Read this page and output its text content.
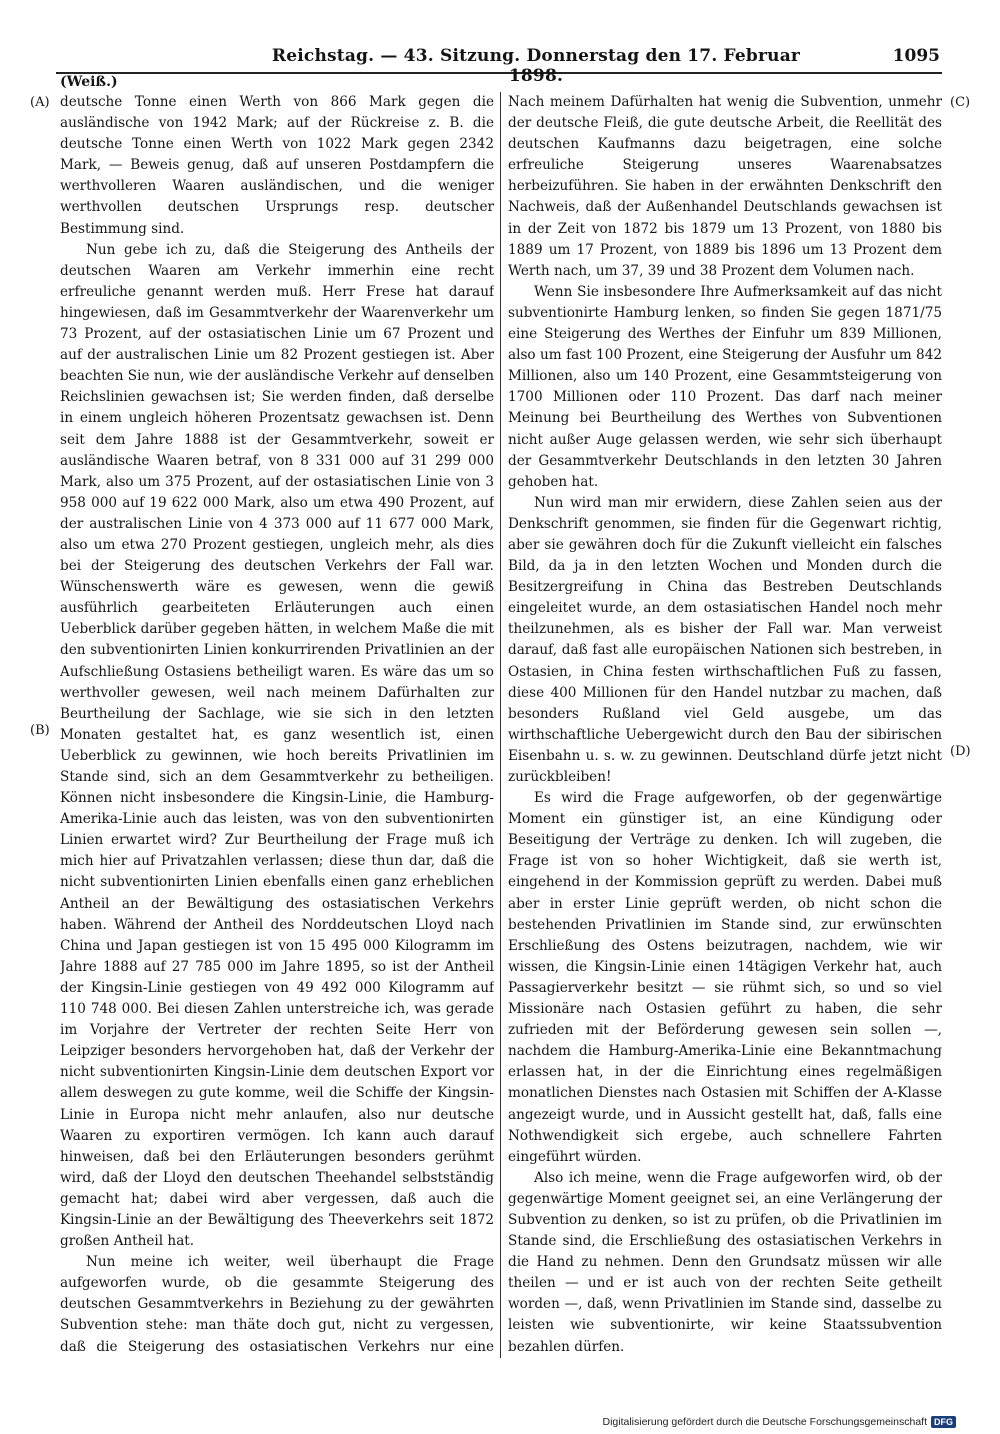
Reichstag. — 43. Sitzung. Donnerstag den 17. Februar 1898.
1095
(Weiß.)
(A)
(B)
(C)
(D)

deutsche Tonne einen Werth von 866 Mark gegen die ausländische von 1942 Mark; auf der Rückreise z. B. die deutsche Tonne einen Werth von 1022 Mark gegen 2342 Mark, — Beweis genug, daß auf unseren Postdampfern die werthvolleren Waaren ausländischen, und die weniger werthvollen deutschen Ursprungs resp. deutscher Bestimmung sind.

Nun gebe ich zu, daß die Steigerung des Antheils der deutschen Waaren am Verkehr immerhin eine recht erfreuliche genannt werden muß. Herr Frese hat darauf hingewiesen, daß im Gesammtverkehr der Waarenverkehr um 73 Prozent, auf der ostasiatischen Linie um 67 Prozent und auf der australischen Linie um 82 Prozent gestiegen ist. Aber beachten Sie nun, wie der ausländische Verkehr auf denselben Reichslinien gewachsen ist; Sie werden finden, daß derselbe in einem ungleich höheren Prozentsatz gewachsen ist. Denn seit dem Jahre 1888 ist der Gesammtverkehr, soweit er ausländische Waaren betraf, von 8 331 000 auf 31 299 000 Mark, also um 375 Prozent, auf der ostasiatischen Linie von 3 958 000 auf 19 622 000 Mark, also um etwa 490 Prozent, auf der australischen Linie von 4 373 000 auf 11 677 000 Mark, also um etwa 270 Prozent gestiegen, ungleich mehr, als dies bei der Steigerung des deutschen Verkehrs der Fall war. Wünschenswerth wäre es gewesen, wenn die gewiß ausführlich gearbeiteten Erläuterungen auch einen Ueberblick darüber gegeben hätten, in welchem Maße die mit den subventionirten Linien konkurrirenden Privatlinien an der Aufschließung Ostasiens betheiligt waren. Es wäre das um so werthvoller gewesen, weil nach meinem Dafürhalten zur Beurtheilung der Sachlage, wie sie sich in den letzten Monaten gestaltet hat, es ganz wesentlich ist, einen Ueberblick zu gewinnen, wie hoch bereits Privatlinien im Stande sind, sich an dem Gesammtverkehr zu betheiligen. Können nicht insbesondere die Kingsin-Linie, die Hamburg-Amerika-Linie auch das leisten, was von den subventionirten Linien erwartet wird? Zur Beurtheilung der Frage muß ich mich hier auf Privatzahlen verlassen; diese thun dar, daß die nicht subventionirten Linien ebenfalls einen ganz erheblichen Antheil an der Bewältigung des ostasiatischen Verkehrs haben. Während der Antheil des Norddeutschen Lloyd nach China und Japan gestiegen ist von 15 495 000 Kilogramm im Jahre 1888 auf 27 785 000 im Jahre 1895, so ist der Antheil der Kingsin-Linie gestiegen von 49 492 000 Kilogramm auf 110 748 000. Bei diesen Zahlen unterstreiche ich, was gerade im Vorjahre der Vertreter der rechten Seite Herr von Leipziger besonders hervorgehoben hat, daß der Verkehr der nicht subventionirten Kingsin-Linie dem deutschen Export vor allem deswegen zu gute komme, weil die Schiffe der Kingsin-Linie in Europa nicht mehr anlaufen, also nur deutsche Waaren zu exportiren vermögen. Ich kann auch darauf hinweisen, daß bei den Erläuterungen besonders gerühmt wird, daß der Lloyd den deutschen Theehandel selbstständig gemacht hat; dabei wird aber vergessen, daß auch die Kingsin-Linie an der Bewältigung des Theeverkehrs seit 1872 großen Antheil hat.

Nun meine ich weiter, weil überhaupt die Frage aufgeworfen wurde, ob die gesammte Steigerung des deutschen Gesammtverkehrs in Beziehung zu der gewährten Subvention stehe: man thäte doch gut, nicht zu vergessen, daß die Steigerung des ostasiatischen Verkehrs nur eine

Nach meinem Dafürhalten hat wenig die Subvention, unmehr der deutsche Fleiß, die gute deutsche Arbeit, die Reellität des deutschen Kaufmanns dazu beigetragen, eine solche erfreuliche Steigerung unseres Waarenabsatzes herbeizuführen. Sie haben in der erwähnten Denkschrift den Nachweis, daß der Außenhandel Deutschlands gewachsen ist in der Zeit von 1872 bis 1879 um 13 Prozent, von 1880 bis 1889 um 17 Prozent, von 1889 bis 1896 um 13 Prozent dem Werth nach, um 37, 39 und 38 Prozent dem Volumen nach.

Wenn Sie insbesondere Ihre Aufmerksamkeit auf das nicht subventionirte Hamburg lenken, so finden Sie gegen 1871/75 eine Steigerung des Werthes der Einfuhr um 839 Millionen, also um fast 100 Prozent, eine Steigerung der Ausfuhr um 842 Millionen, also um 140 Prozent, eine Gesammtsteigerung von 1700 Millionen oder 110 Prozent. Das darf nach meiner Meinung bei Beurtheilung des Werthes von Subventionen nicht außer Auge gelassen werden, wie sehr sich überhaupt der Gesammtverkehr Deutschlands in den letzten 30 Jahren gehoben hat.

Nun wird man mir erwidern, diese Zahlen seien aus der Denkschrift genommen, sie finden für die Gegenwart richtig, aber sie gewähren doch für die Zukunft vielleicht ein falsches Bild, da ja in den letzten Wochen und Monden durch die Besitzergreifung in China das Bestreben Deutschlands eingeleitet wurde, an dem ostasiatischen Handel noch mehr theilzunehmen, als es bisher der Fall war. Man verweist darauf, daß fast alle europäischen Nationen sich bestreben, in Ostasien, in China festen wirthschaftlichen Fuß zu fassen, diese 400 Millionen für den Handel nutzbar zu machen, daß besonders Rußland viel Geld ausgebe, um das wirthschaftliche Uebergewicht durch den Bau der sibirischen Eisenbahn u. s. w. zu gewinnen. Deutschland dürfe jetzt nicht zurückbleiben!

Es wird die Frage aufgeworfen, ob der gegenwärtige Moment ein günstiger ist, an eine Kündigung oder Beseitigung der Verträge zu denken. Ich will zugeben, die Frage ist von so hoher Wichtigkeit, daß sie werth ist, eingehend in der Kommission geprüft zu werden. Dabei muß aber in erster Linie geprüft werden, ob nicht schon die bestehenden Privatlinien im Stande sind, zur erwünschten Erschließung des Ostens beizutragen, nachdem, wie wir wissen, die Kingsin-Linie einen 14tägigen Verkehr hat, auch Passagierverkehr besitzt — sie rühmt sich, so und so viel Missionäre nach Ostasien geführt zu haben, die sehr zufrieden mit der Beförderung gewesen sein sollen —, nachdem die Hamburg-Amerika-Linie eine Bekanntmachung erlassen hat, in der die Einrichtung eines regelmäßigen monatlichen Dienstes nach Ostasien mit Schiffen der A-Klasse angezeigt wurde, und in Aussicht gestellt hat, daß, falls eine Nothwendigkeit sich ergebe, auch schnellere Fahrten eingeführt würden.

Also ich meine, wenn die Frage aufgeworfen wird, ob der gegenwärtige Moment geeignet sei, an eine Verlängerung der Subvention zu denken, so ist zu prüfen, ob die Privatlinien im Stande sind, die Erschließung des ostasiatischen Verkehrs in die Hand zu nehmen. Denn den Grundsatz müssen wir alle theilen — und er ist auch von der rechten Seite getheilt worden —, daß, wenn Privatlinien im Stande sind, dasselbe zu leisten wie subventionirte, wir keine Staatssubvention bezahlen dürfen.

Digitalisierung gefördert durch die Deutsche Forschungsgemeinschaft DFG
